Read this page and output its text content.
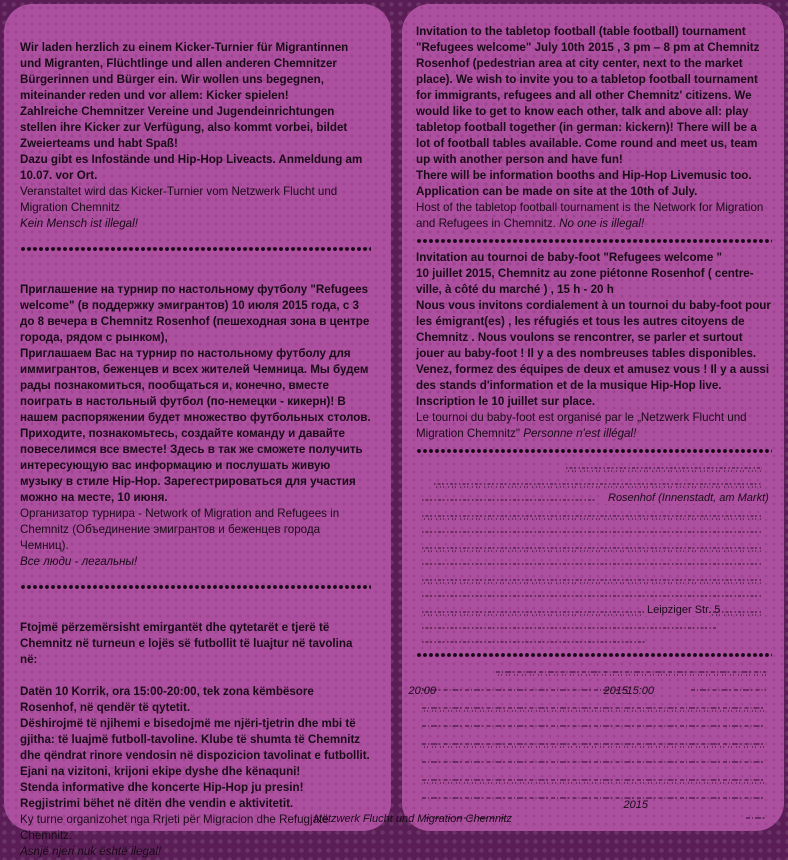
Wir laden herzlich zu einem Kicker-Turnier für Migrantinnen und Migranten, Flüchtlinge und allen anderen Chemnitzer Bürgerinnen und Bürger ein. Wir wollen uns begegnen, miteinander reden und vor allem: Kicker spielen!

Zahlreiche Chemnitzer Vereine und Jugendeinrichtungen stellen ihre Kicker zur Verfügung, also kommt vorbei, bildet Zweierteams und habt Spaß!

Dazu gibt es Infostände und Hip-Hop Liveacts. Anmeldung am 10.07. vor Ort.

Veranstaltet wird das Kicker-Turnier vom Netzwerk Flucht und Migration Chemnitz

Kein Mensch ist illegal!

Приглашение на турнир по настольному футболу "Refugees welcome" (в поддержку эмигрантов) 10 июля 2015 года, с 3 до 8 вечера в Chemnitz Rosenhof (пешеходная зона в центре города, рядом с рынком),

Приглашаем Вас на турнир по настольному футболу для иммигрантов, беженцев и всех жителей Чемница. Мы будем рады познакомиться, пообщаться и, конечно, вместе поиграть в настольный футбол (по-немецки - кикерн)! В нашем распоряжении будет множество футбольных столов. Приходите, познакомьтесь, создайте команду и давайте повеселимся все вместе! Здесь в так же сможете получить интересующую вас информацию и послушать живую музыку в стиле Hip-Hop. Зарегестрироваться для участия можно на месте, 10 июня.

Организатор турнира - Network of Migration and Refugees in Chemnitz (Объединение эмигрантов и беженцев города Чемниц).

Все люди - легальны!

Ftojmë përzemërsisht emirgantët dhe qytetarët e tjerë të Chemnitz në turneun e lojës së futbollit të luajtur në tavolina në:

Datën 10 Korrik, ora 15:00-20:00, tek zona këmbësore Rosenhof, në qendër të qytetit.

Dëshirojmë të njihemi e bisedojmë me njëri-tjetrin dhe mbi të gjitha: të luajmë futboll-tavoline. Klube të shumta të Chemnitz dhe qëndrat rinore vendosin në dispozicion tavolinat e futbollit.

Ejani na vizitoni, krijoni ekipe dyshe dhe kënaquni!

Stenda informative dhe koncerte Hip-Hop ju presin!

Regjistrimi bëhet në ditën dhe vendin e aktivitetit.

Ky turne organizohet nga Rrjeti për Migracion dhe Refugjatë Chemnitz.

Asnjë njeri nuk është ilegal!

Invitation to the tabletop football (table football) tournament "Refugees welcome" July 10th 2015 , 3 pm – 8 pm at Chemnitz Rosenhof (pedestrian area at city center, next to the market place). We wish to invite you to a tabletop football tournament for immigrants, refugees and all other Chemnitz' citizens. We would like to get to know each other, talk and above all: play tabletop football together (in german: kickern)! There will be a lot of football tables available. Come round and meet us, team up with another person and have fun!

There will be information booths and Hip-Hop Livemusic too.

Application can be made on site at the 10th of July.

Host of the tabletop football tournament is the Network for Migration and Refugees in Chemnitz. No one is illegal!

Invitation au tournoi de baby-foot "Refugees welcome "

10 juillet 2015, Chemnitz au zone piétonne Rosenhof ( centre-ville, à côté du marché ) , 15 h - 20 h

Nous vous invitons cordialement à un tournoi du baby-foot pour les émigrant(es) , les réfugiés et tous les autres citoyens de Chemnitz . Nous voulons se rencontrer, se parler et surtout jouer au baby-foot ! Il y a des nombreuses tables disponibles. Venez, formez des équipes de deux et amusez vous ! Il y a aussi des stands d'information et de la musique Hip-Hop live.

Inscription le 10 juillet sur place.

Le tournoi du baby-foot est organisé par le „Netzwerk Flucht und Migration Chemnitz" Personne n'est illégal!

Rosenhof (Innenstadt, am Markt)
Leipziger Str. 5
2015
15:00
20:00
Netzwerk Flucht und Migration Chemnitz
2015
